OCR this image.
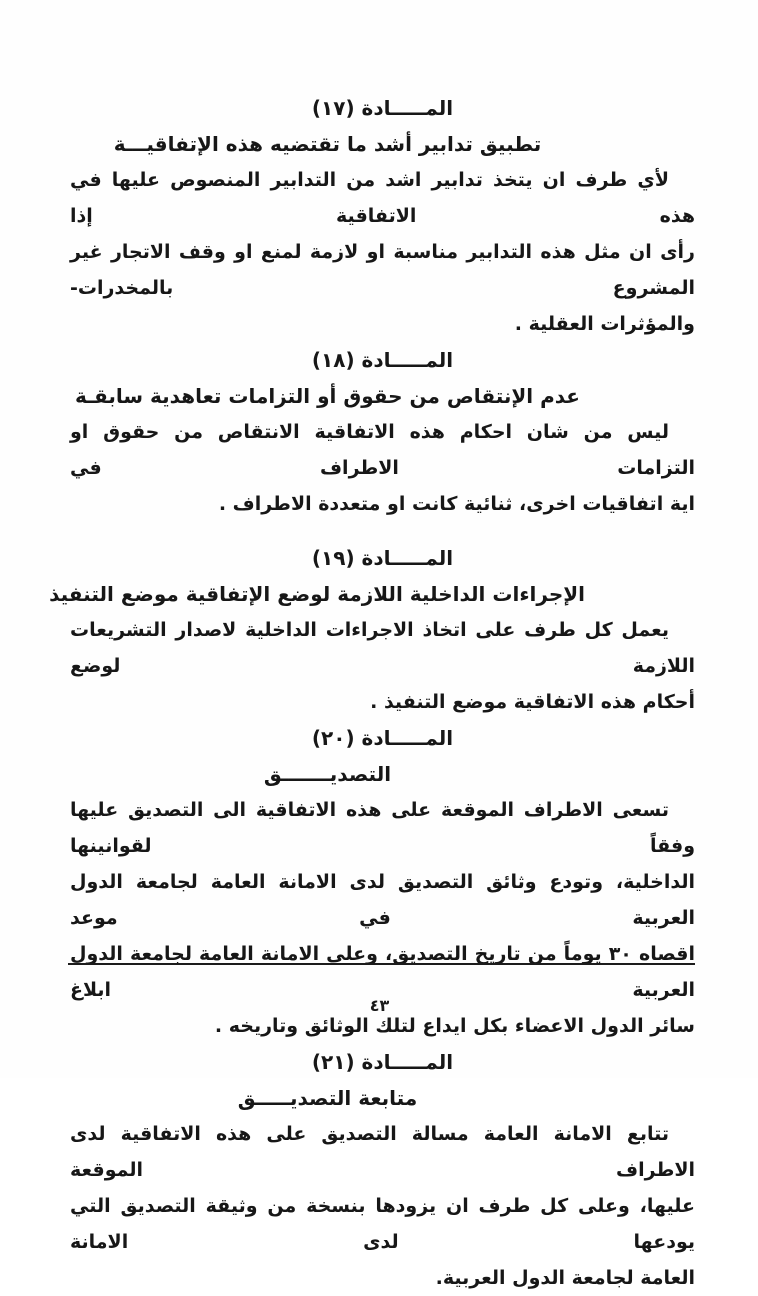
المـــــادة (١٧)
تطبيق تدابير أشد ما تقتضيه هذه الإتفاقيـــة

لأي طرف ان يتخذ تدابير اشد من التدابير المنصوص عليها في هذه الاتفاقية إذا

رأى ان مثل هذه التدابير مناسبة او لازمة لمنع او وقف الاتجار غير المشروع بالمخدرات-

والمؤثرات العقلية .

المـــــادة (١٨)
عدم الإنتقاص من حقوق أو التزامات تعاهدية سابقـة

ليس من شان احكام هذه الاتفاقية الانتقاص من حقوق او التزامات الاطراف في

اية اتفاقيات اخرى، ثنائية كانت او متعددة الاطراف .

المـــــادة (١٩)
الإجراءات الداخلية اللازمة لوضع الإتفاقية موضع التنفيذ

يعمل كل طرف على اتخاذ الاجراءات الداخلية لاصدار التشريعات اللازمة لوضع

أحكام هذه الاتفاقية موضع التنفيذ .

المـــــادة (٢٠)
التصديـــــــق

تسعى الاطراف الموقعة على هذه الاتفاقية الى التصديق عليها وفقاً لقوانينها

الداخلية، وتودع وثائق التصديق لدى الامانة العامة لجامعة الدول العربية في موعد

اقصاه ٣٠ يوماً من تاريخ التصديق، وعلى الامانة العامة لجامعة الدول العربية ابلاغ

سائر الدول الاعضاء بكل ايداع لتلك الوثائق وتاريخه .

المـــــادة (٢١)
متابعة التصديـــــق

تتابع الامانة العامة مسالة التصديق على هذه الاتفاقية لدى الاطراف الموقعة

عليها، وعلى كل طرف ان يزودها بنسخة من وثيقة التصديق التي يودعها لدى الامانة

العامة لجامعة الدول العربية.

٤٣
